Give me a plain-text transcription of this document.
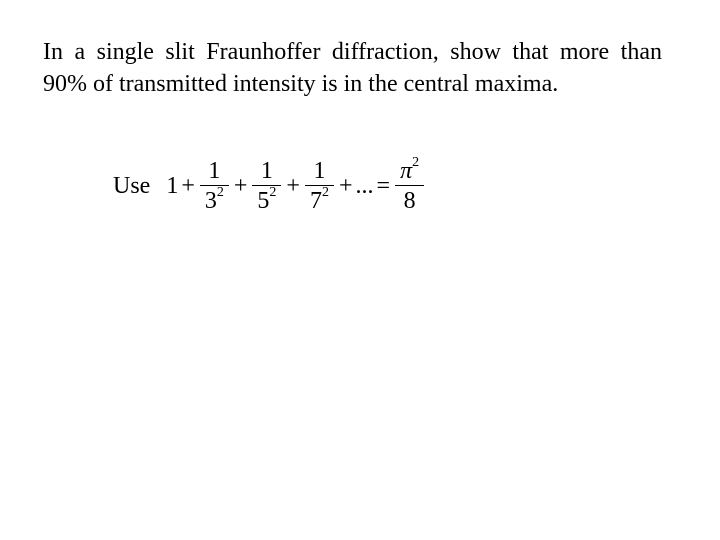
In a single slit Fraunhoffer diffraction, show that more than 90% of transmitted intensity is in the central maxima.

Use $1 + \frac{1}{3^2} + \frac{1}{5^2} + \frac{1}{7^2}$ + ... = $\frac{\pi^2}{8}$
